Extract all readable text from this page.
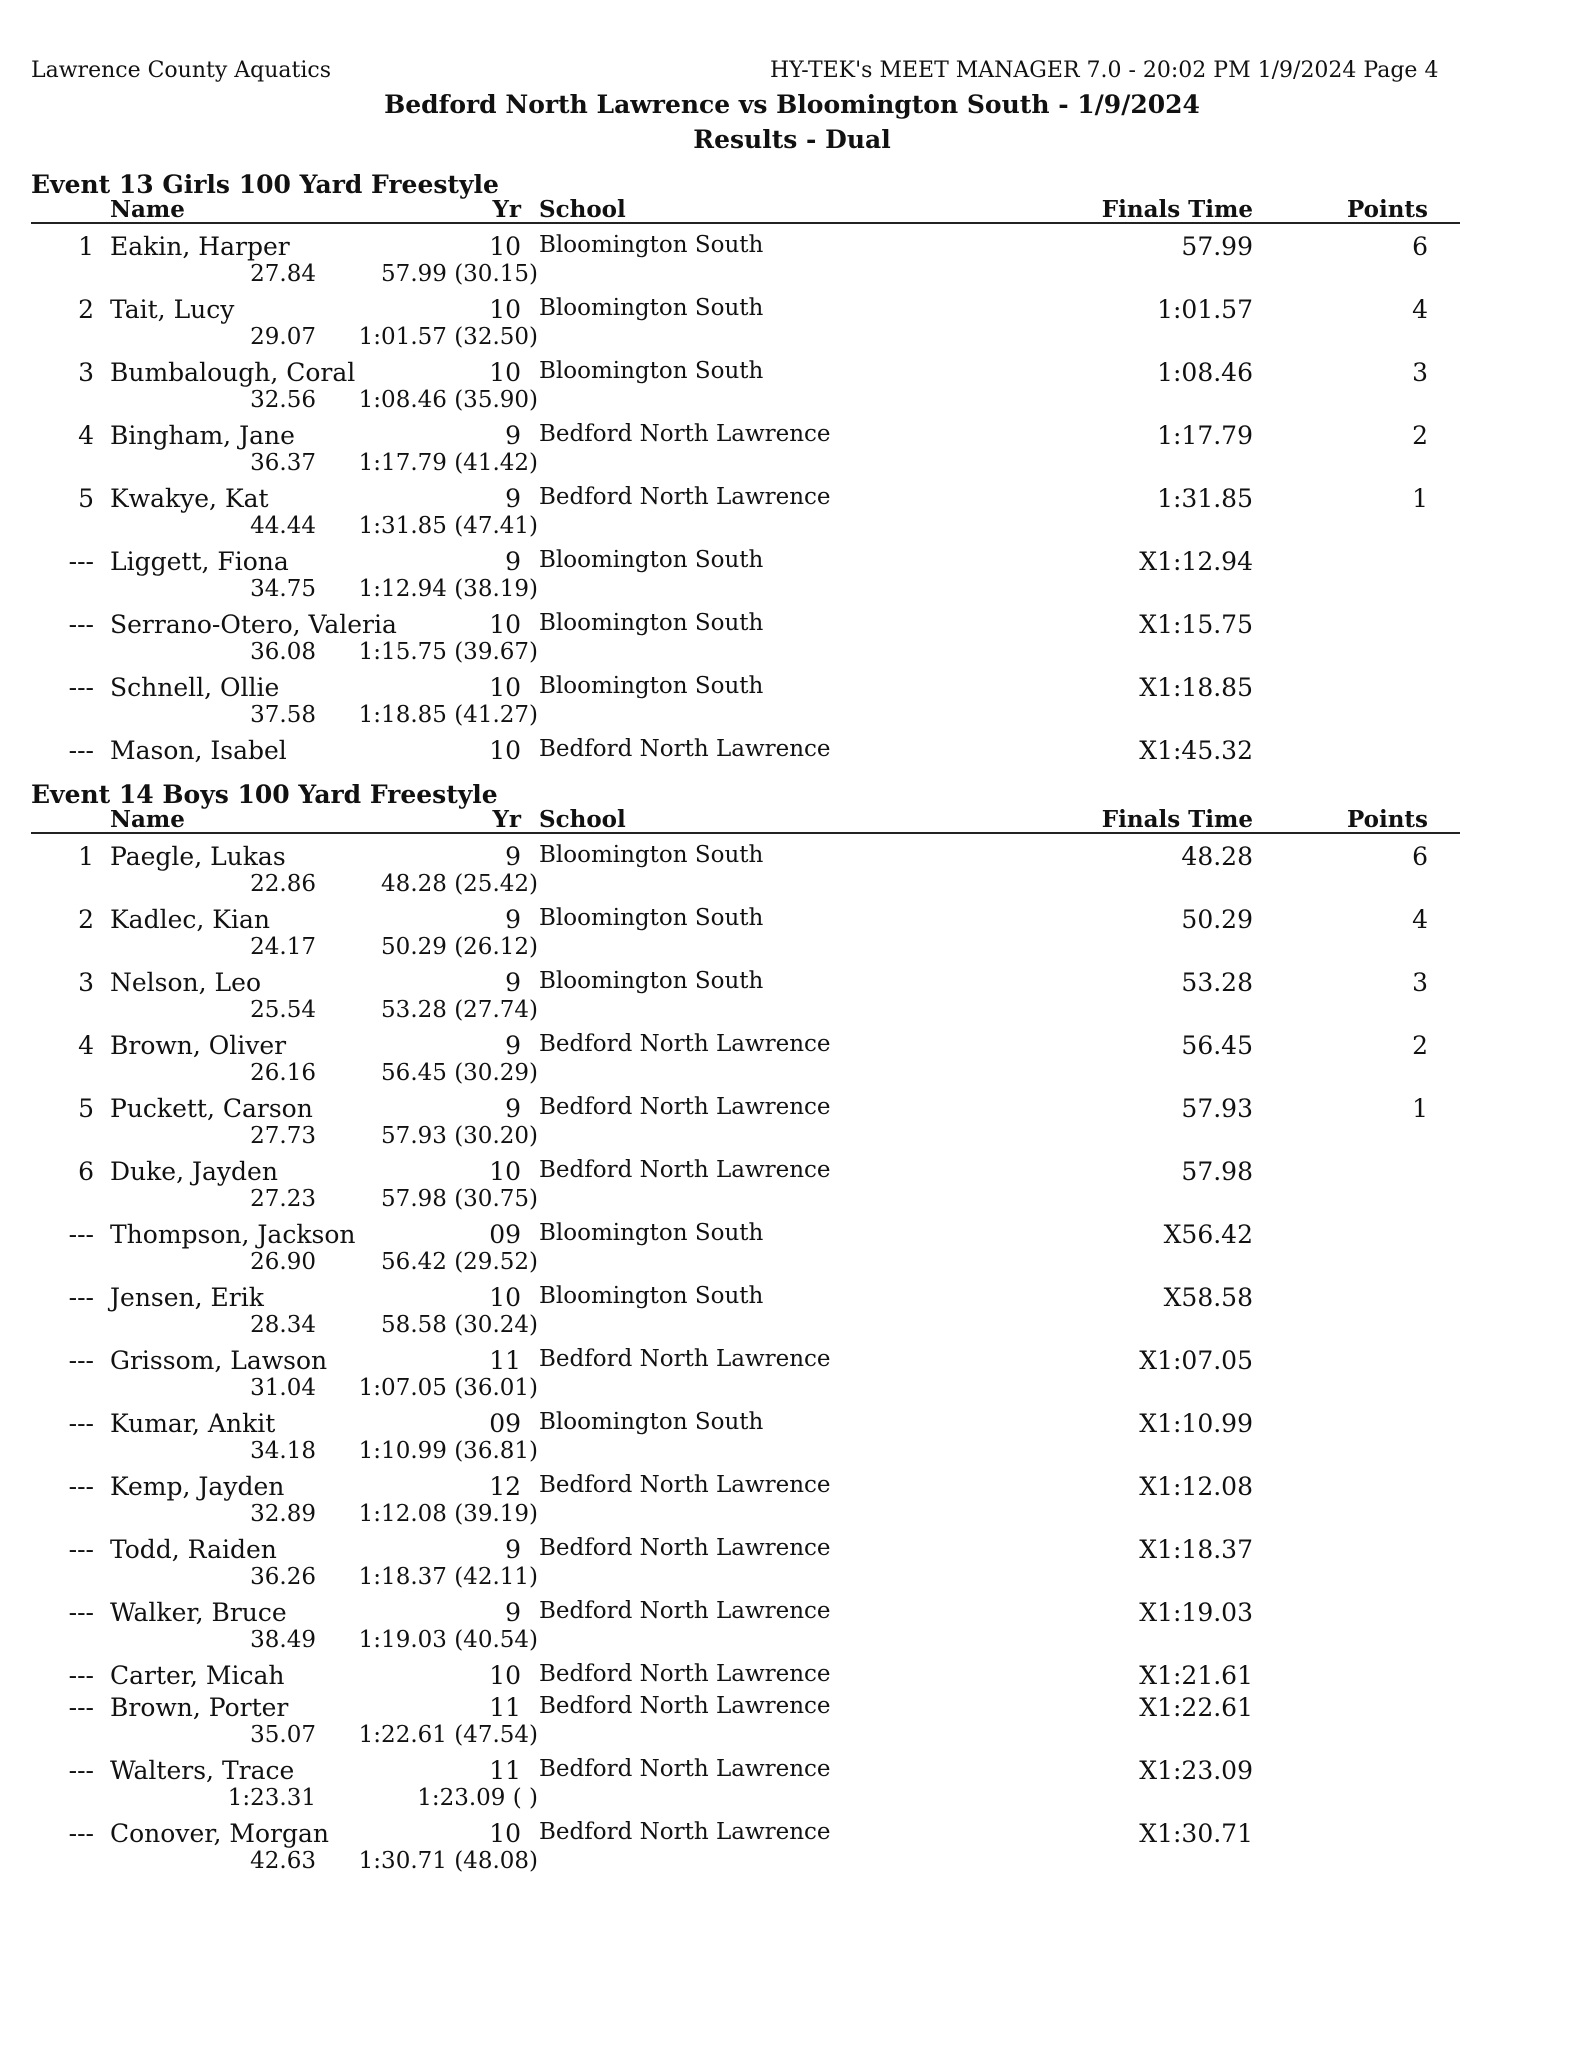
Lawrence County Aquatics	HY-TEK's MEET MANAGER 7.0 - 20:02 PM 1/9/2024 Page 4
Bedford North Lawrence vs Bloomington South - 1/9/2024
Results - Dual
Event 13 Girls 100 Yard Freestyle
Name	Yr School	Finals Time	Points
1 Eakin, Harper	10 Bloomington South	57.99	6
27.84	57.99 (30.15)
2 Tait, Lucy	10 Bloomington South	1:01.57	4
29.07 1:01.57 (32.50)
3 Bumbalough, Coral	10 Bloomington South	1:08.46	3
32.56 1:08.46 (35.90)
4 Bingham, Jane	9 Bedford North Lawrence	1:17.79	2
36.37 1:17.79 (41.42)
5 Kwakye, Kat	9 Bedford North Lawrence	1:31.85	1
44.44 1:31.85 (47.41)
--- Liggett, Fiona	9 Bloomington South	X1:12.94
34.75 1:12.94 (38.19)
--- Serrano-Otero, Valeria	10 Bloomington South	X1:15.75
36.08 1:15.75 (39.67)
--- Schnell, Ollie	10 Bloomington South	X1:18.85
37.58 1:18.85 (41.27)
--- Mason, Isabel	10 Bedford North Lawrence	X1:45.32
Event 14 Boys 100 Yard Freestyle
Name	Yr School	Finals Time	Points
1 Paegle, Lukas	9 Bloomington South	48.28	6
22.86	48.28 (25.42)
2 Kadlec, Kian	9 Bloomington South	50.29	4
24.17	50.29 (26.12)
3 Nelson, Leo	9 Bloomington South	53.28	3
25.54	53.28 (27.74)
4 Brown, Oliver	9 Bedford North Lawrence	56.45	2
26.16	56.45 (30.29)
5 Puckett, Carson	9 Bedford North Lawrence	57.93	1
27.73	57.93 (30.20)
6 Duke, Jayden	10 Bedford North Lawrence	57.98
27.23	57.98 (30.75)
--- Thompson, Jackson	09 Bloomington South	X56.42
26.90	56.42 (29.52)
--- Jensen, Erik	10 Bloomington South	X58.58
28.34	58.58 (30.24)
--- Grissom, Lawson	11 Bedford North Lawrence	X1:07.05
31.04 1:07.05 (36.01)
--- Kumar, Ankit	09 Bloomington South	X1:10.99
34.18 1:10.99 (36.81)
--- Kemp, Jayden	12 Bedford North Lawrence	X1:12.08
32.89 1:12.08 (39.19)
--- Todd, Raiden	9 Bedford North Lawrence	X1:18.37
36.26 1:18.37 (42.11)
--- Walker, Bruce	9 Bedford North Lawrence	X1:19.03
38.49 1:19.03 (40.54)
--- Carter, Micah	10 Bedford North Lawrence	X1:21.61
--- Brown, Porter	11 Bedford North Lawrence	X1:22.61
35.07 1:22.61 (47.54)
--- Walters, Trace	11 Bedford North Lawrence	X1:23.09
1:23.31	1:23.09 ( )
--- Conover, Morgan	10 Bedford North Lawrence	X1:30.71
42.63 1:30.71 (48.08)
